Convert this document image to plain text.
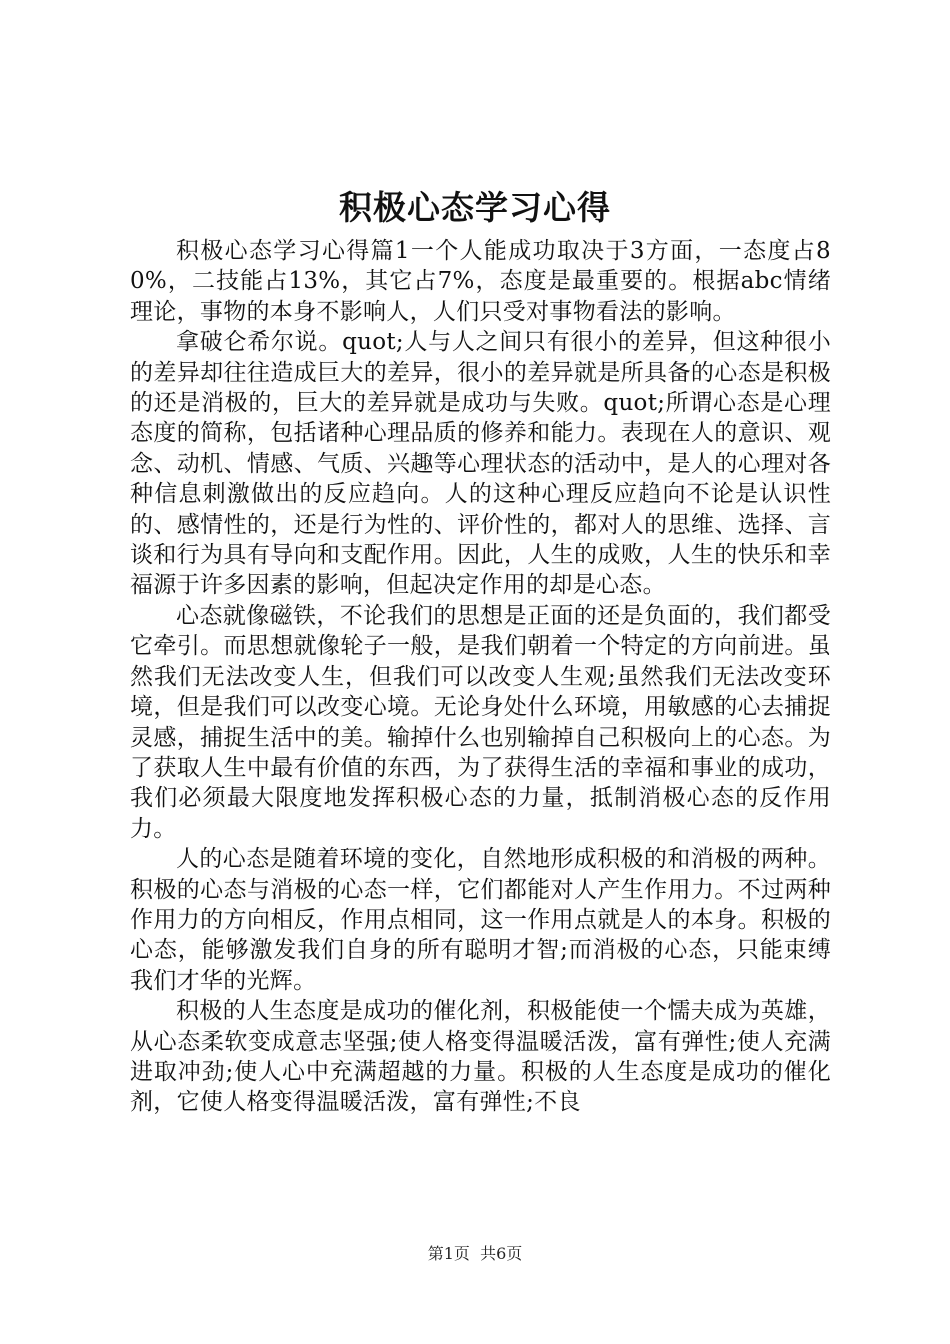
积极心态学习心得

积极心态学习心得篇1一个人能成功取决于3方面，一态度占80%，二技能占13%，其它占7%，态度是最重要的。根据abc情绪理论，事物的本身不影响人，人们只受对事物看法的影响。

拿破仑希尔说。quot;人与人之间只有很小的差异，但这种很小的差异却往往造成巨大的差异，很小的差异就是所具备的心态是积极的还是消极的，巨大的差异就是成功与失败。quot;所谓心态是心理态度的简称，包括诸种心理品质的修养和能力。表现在人的意识、观念、动机、情感、气质、兴趣等心理状态的活动中，是人的心理对各种信息刺激做出的反应趋向。人的这种心理反应趋向不论是认识性的、感情性的，还是行为性的、评价性的，都对人的思维、选择、言谈和行为具有导向和支配作用。因此，人生的成败，人生的快乐和幸福源于许多因素的影响，但起决定作用的却是心态。

心态就像磁铁，不论我们的思想是正面的还是负面的，我们都受它牵引。而思想就像轮子一般，是我们朝着一个特定的方向前进。虽然我们无法改变人生，但我们可以改变人生观;虽然我们无法改变环境，但是我们可以改变心境。无论身处什么环境，用敏感的心去捕捉灵感，捕捉生活中的美。输掉什么也别输掉自己积极向上的心态。为了获取人生中最有价值的东西，为了获得生活的幸福和事业的成功，我们必须最大限度地发挥积极心态的力量，抵制消极心态的反作用力。

人的心态是随着环境的变化，自然地形成积极的和消极的两种。积极的心态与消极的心态一样，它们都能对人产生作用力。不过两种作用力的方向相反，作用点相同，这一作用点就是人的本身。积极的心态，能够激发我们自身的所有聪明才智;而消极的心态，只能束缚我们才华的光辉。

积极的人生态度是成功的催化剂，积极能使一个懦夫成为英雄，从心态柔软变成意志坚强;使人格变得温暖活泼，富有弹性;使人充满进取冲劲;使人心中充满超越的力量。积极的人生态度是成功的催化剂，它使人格变得温暖活泼，富有弹性;不良

第1页 共6页
